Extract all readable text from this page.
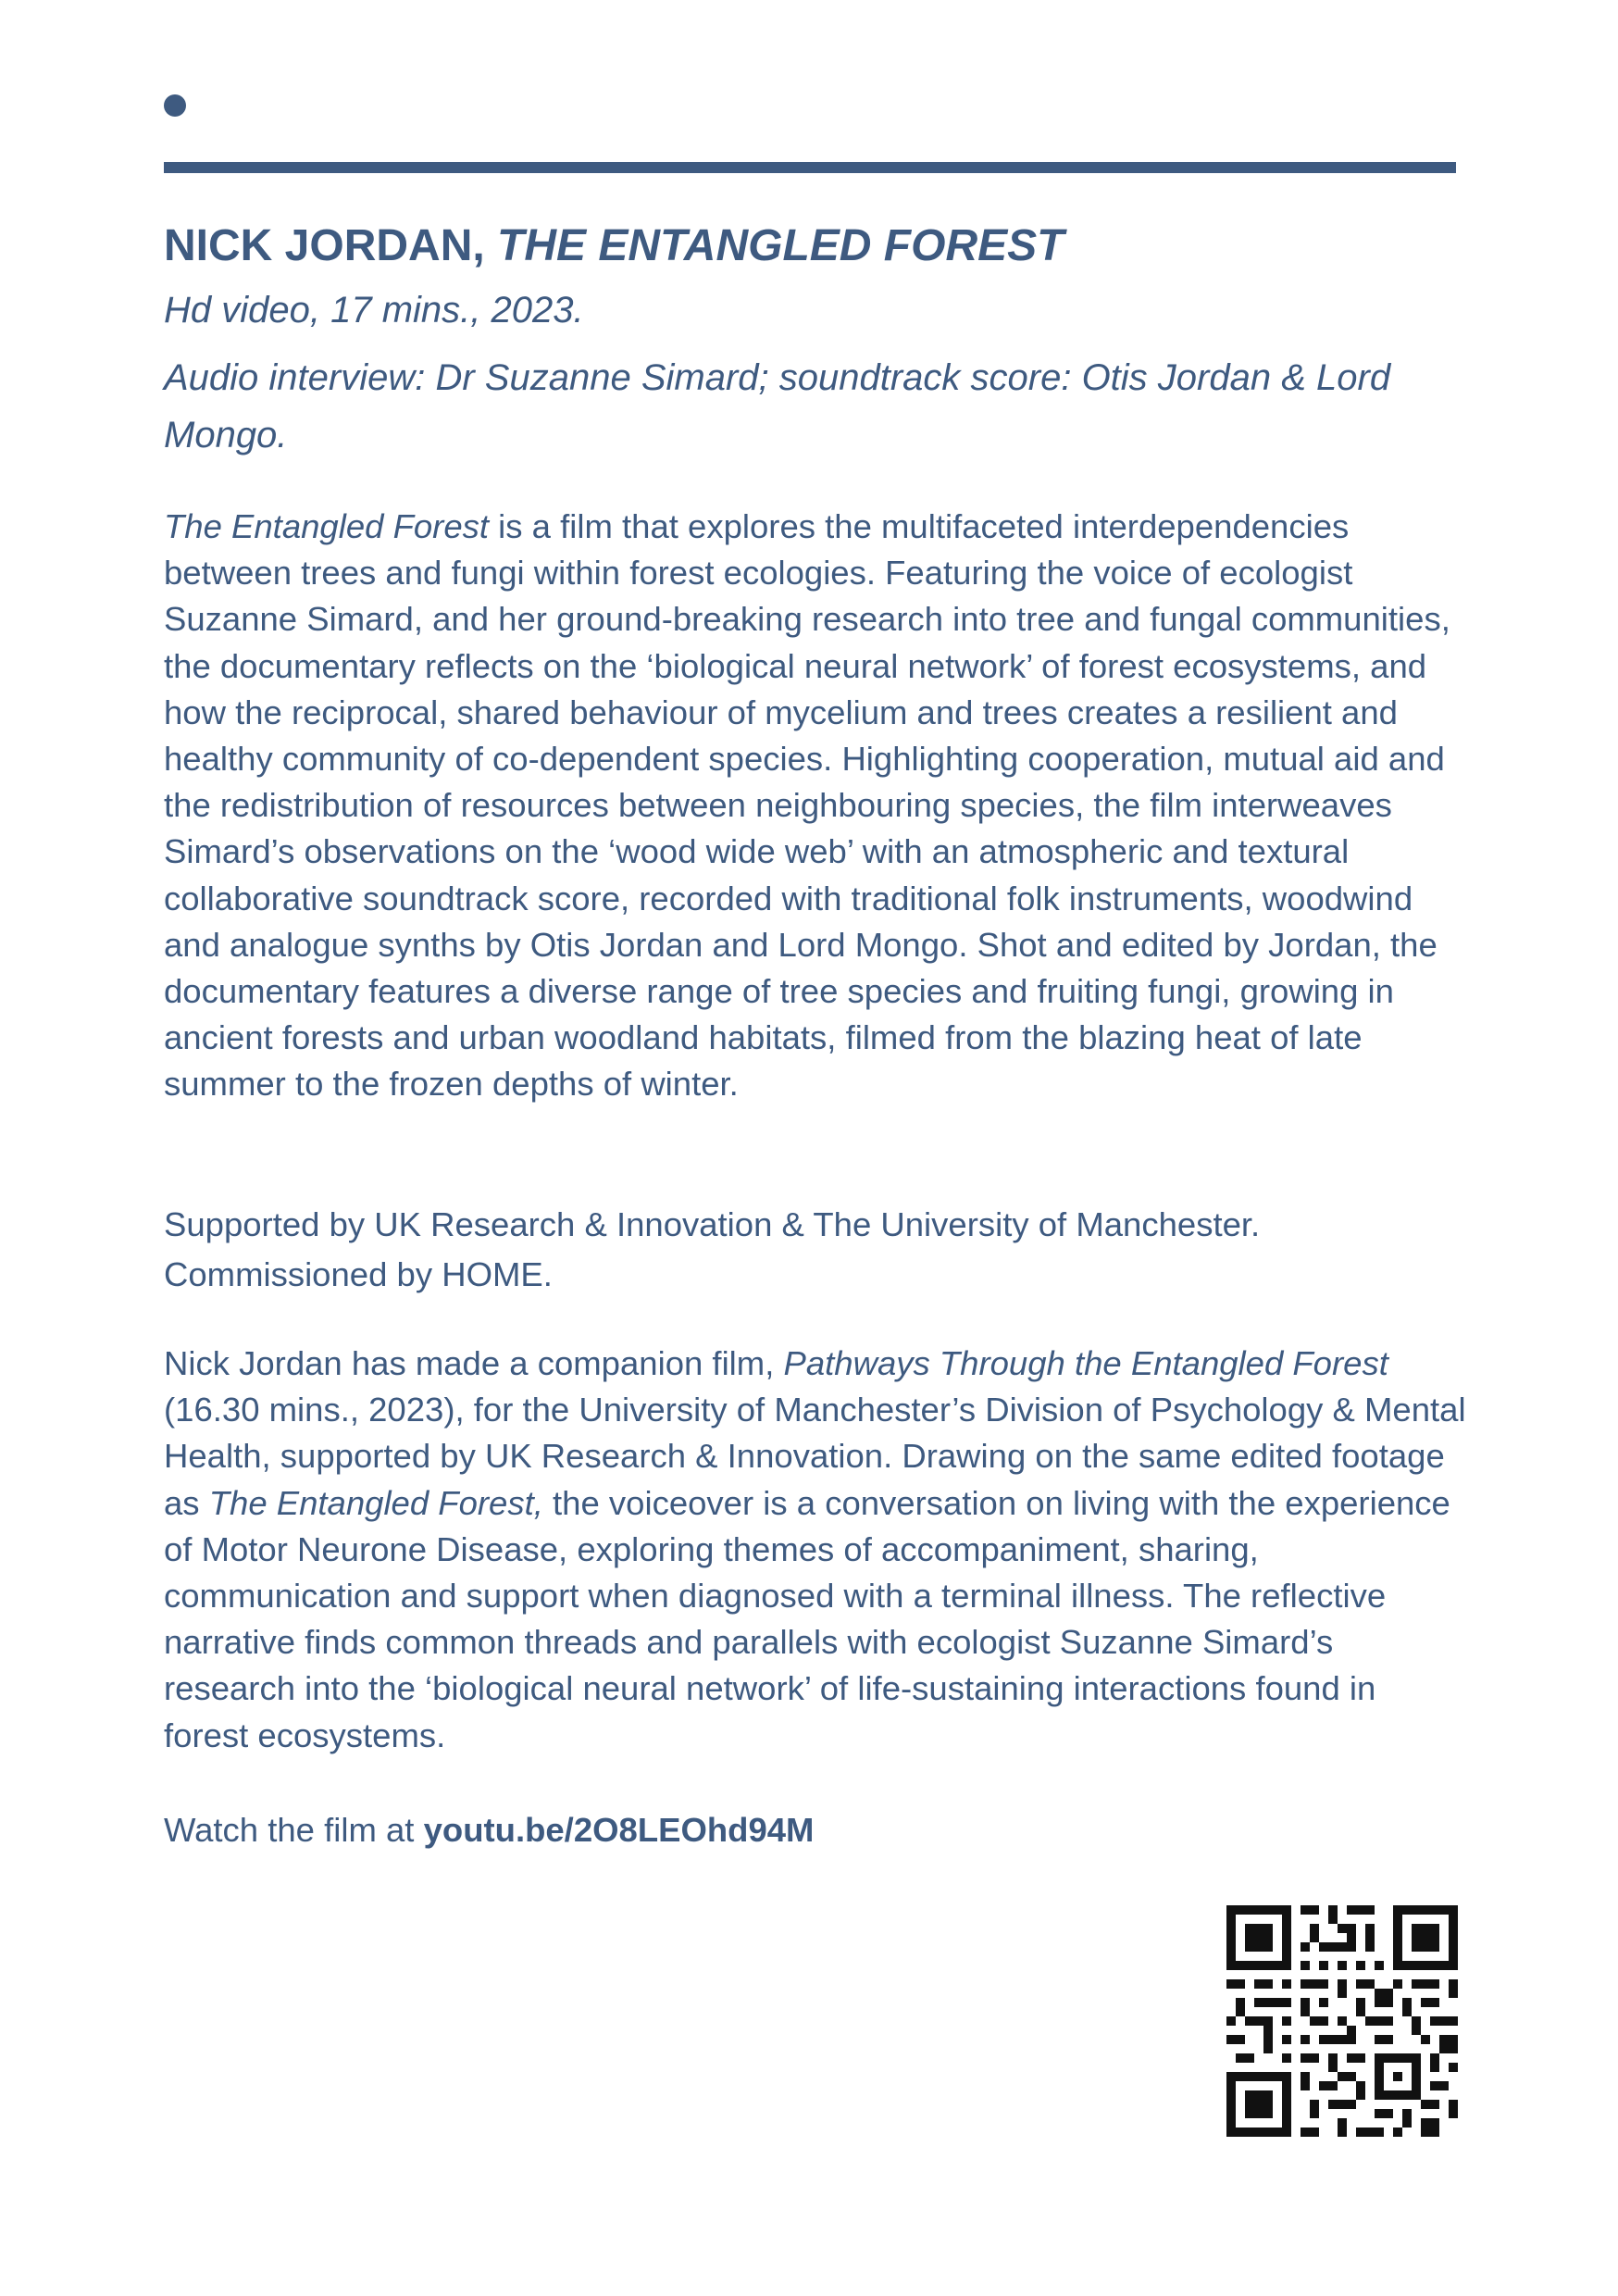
NICK JORDAN, THE ENTANGLED FOREST

Hd video, 17 mins., 2023.

Audio interview: Dr Suzanne Simard; soundtrack score: Otis Jordan & Lord Mongo.

The Entangled Forest is a film that explores the multifaceted interdependencies between trees and fungi within forest ecologies. Featuring the voice of ecologist Suzanne Simard, and her ground-breaking research into tree and fungal communities, the documentary reflects on the ‘biological neural network’ of forest ecosystems, and how the reciprocal, shared behaviour of mycelium and trees creates a resilient and healthy community of co-dependent species. Highlighting cooperation, mutual aid and the redistribution of resources between neighbouring species, the film interweaves Simard’s observations on the ‘wood wide web’ with an atmospheric and textural collaborative soundtrack score, recorded with traditional folk instruments, woodwind and analogue synths by Otis Jordan and Lord Mongo. Shot and edited by Jordan, the documentary features a diverse range of tree species and fruiting fungi, growing in ancient forests and urban woodland habitats, filmed from the blazing heat of late summer to the frozen depths of winter.

Supported by UK Research & Innovation & The University of Manchester.
Commissioned by HOME.

Nick Jordan has made a companion film, Pathways Through the Entangled Forest (16.30 mins., 2023), for the University of Manchester’s Division of Psychology & Mental Health, supported by UK Research & Innovation. Drawing on the same edited footage as The Entangled Forest, the voiceover is a conversation on living with the experience of Motor Neurone Disease, exploring themes of accompaniment, sharing, communication and support when diagnosed with a terminal illness. The reflective narrative finds common threads and parallels with ecologist Suzanne Simard’s research into the ‘biological neural network’ of life-sustaining interactions found in forest ecosystems.

Watch the film at youtu.be/2O8LEOhd94M
